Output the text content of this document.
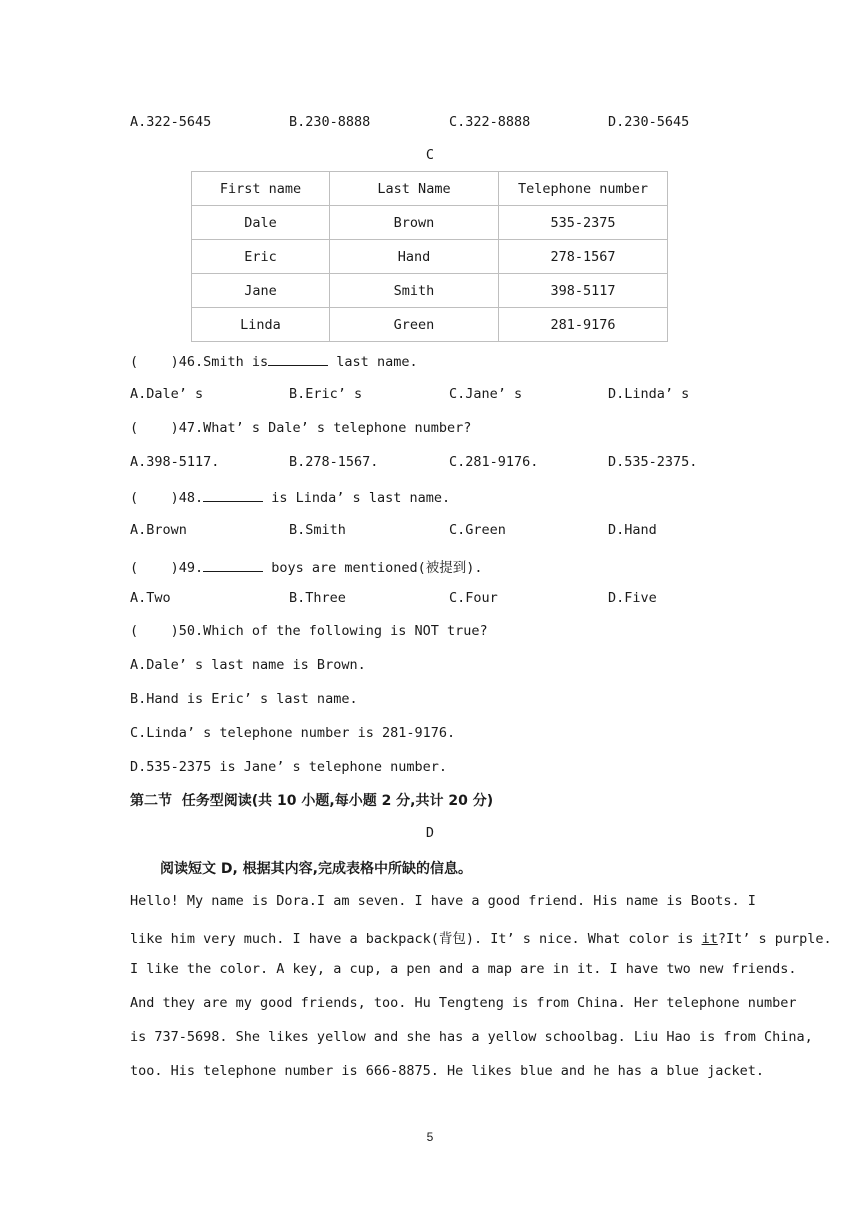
A.322-5645	B.230-8888	C.322-8888	D.230-5645
C
First name	Last Name	Telephone number
Dale	Brown	535-2375
Eric	Hand	278-1567
Jane	Smith	398-5117
Linda	Green	281-9176
(    )46.Smith is	last name.
A.Dale’ s	B.Eric’ s	C.Jane’ s	D.Linda’ s
(    )47.What’ s Dale’ s telephone number?
A.398-5117.	B.278-1567.	C.281-9176.	D.535-2375.
(    )48.	is Linda’ s last name.
A.Brown	B.Smith	C.Green	D.Hand
(    )49.	boys are mentioned(被提到).
A.Two	B.Three	C.Four	D.Five
(    )50.Which of the following is NOT true?
A.Dale’ s last name is Brown.
B.Hand is Eric’ s last name.
C.Linda’ s telephone number is 281-9176.
D.535-2375 is Jane’ s telephone number.
第二节  任务型阅读(共 10 小题,每小题 2 分,共计 20 分)
D
阅读短文 D, 根据其内容,完成表格中所缺的信息。
Hello! My name is Dora.I am seven. I have a good friend. His name is Boots. I
like him very much. I have a backpack(背包). It’ s nice. What color is it?It’ s purple.
I like the color. A key, a cup, a pen and a map are in it. I have two new friends.
And they are my good friends, too. Hu Tengteng is from China. Her telephone number
is 737-5698. She likes yellow and she has a yellow schoolbag. Liu Hao is from China,
too. His telephone number is 666-8875. He likes blue and he has a blue jacket.
5
